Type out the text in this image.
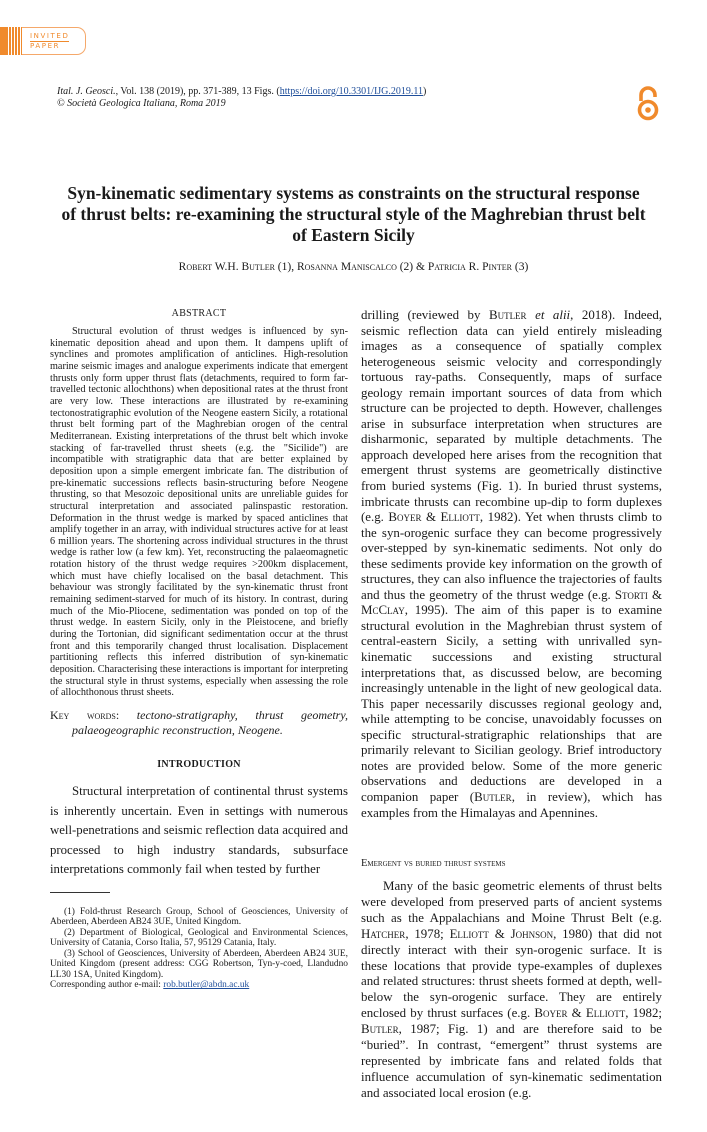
INVITED
PAPER
Ital. J. Geosci., Vol. 138 (2019), pp. 371-389, 13 Figs. (https://doi.org/10.3301/IJG.2019.11)
© Società Geologica Italiana, Roma 2019
Syn-kinematic sedimentary systems as constraints on the structural response of thrust belts: re-examining the structural style of the Maghrebian thrust belt of Eastern Sicily
Robert W.H. Butler (1), Rosanna Maniscalco (2) & Patricia R. Pinter (3)
ABSTRACT

Structural evolution of thrust wedges is influenced by syn-kinematic deposition ahead and upon them. It dampens uplift of synclines and promotes amplification of anticlines. High-resolution marine seismic images and analogue experiments indicate that emergent thrusts only form upper thrust flats (detachments, required to form far-travelled tectonic allochthons) when depositional rates at the thrust front are very low. These interactions are illustrated by re-examining tectonostratigraphic evolution of the Neogene eastern Sicily, a rotational thrust belt forming part of the Maghrebian orogen of the central Mediterranean. Existing interpretations of the thrust belt which invoke stacking of far-travelled thrust sheets (e.g. the "Sicilide") are incompatible with stratigraphic data that are better explained by deposition upon a simple emergent imbricate fan. The distribution of pre-kinematic successions reflects basin-structuring before Neogene thrusting, so that Mesozoic depositional units are unreliable guides for structural interpretation and associated palinspastic restoration. Deformation in the thrust wedge is marked by spaced anticlines that amplify together in an array, with individual structures active for at least 6 million years. The shortening across individual structures in the thrust wedge is rather low (a few km). Yet, reconstructing the palaeomagnetic rotation history of the thrust wedge requires >200km displacement, which must have chiefly localised on the basal detachment. This behaviour was strongly facilitated by the syn-kinematic thrust front remaining sediment-starved for much of its history. In contrast, during much of the Mio-Pliocene, sedimentation was ponded on top of the thrust wedge. In eastern Sicily, only in the Pleistocene, and briefly during the Tortonian, did significant sedimentation occur at the thrust front and this temporarily changed thrust localisation. Displacement partitioning reflects this inferred distribution of syn-kinematic deposition. Characterising these interactions is important for interpreting the structural style in thrust systems, especially when assessing the role of allochthonous thrust sheets.

Key words: tectono-stratigraphy, thrust geometry, palaeogeographic reconstruction, Neogene.

INTRODUCTION

Structural interpretation of continental thrust systems is inherently uncertain. Even in settings with numerous well-penetrations and seismic reflection data acquired and processed to high industry standards, subsurface interpretations commonly fail when tested by further

(1) Fold-thrust Research Group, School of Geosciences, University of Aberdeen, Aberdeen AB24 3UE, United Kingdom.

(2) Department of Biological, Geological and Environmental Sciences, University of Catania, Corso Italia, 57, 95129 Catania, Italy.

(3) School of Geosciences, University of Aberdeen, Aberdeen AB24 3UE, United Kingdom (present address: CGG Robertson, Tyn-y-coed, Llandudno LL30 1SA, United Kingdom).

Corresponding author e-mail: rob.butler@abdn.ac.uk

drilling (reviewed by Butler et alii, 2018). Indeed, seismic reflection data can yield entirely misleading images as a consequence of spatially complex heterogeneous seismic velocity and correspondingly tortuous ray-paths. Consequently, maps of surface geology remain important sources of data from which structure can be projected to depth. However, challenges arise in subsurface interpretation when structures are disharmonic, separated by multiple detachments. The approach developed here arises from the recognition that emergent thrust systems are geometrically distinctive from buried systems (Fig. 1). In buried thrust systems, imbricate thrusts can recombine up-dip to form duplexes (e.g. Boyer & Elliott, 1982). Yet when thrusts climb to the syn-orogenic surface they can become progressively over-stepped by syn-kinematic sediments. Not only do these sediments provide key information on the growth of structures, they can also influence the trajectories of faults and thus the geometry of the thrust wedge (e.g. Storti & McClay, 1995). The aim of this paper is to examine structural evolution in the Maghrebian thrust system of central-eastern Sicily, a setting with unrivalled syn-kinematic successions and existing structural interpretations that, as discussed below, are becoming increasingly untenable in the light of new geological data. This paper necessarily discusses regional geology and, while attempting to be concise, unavoidably focusses on specific structural-stratigraphic relationships that are primarily relevant to Sicilian geology. Brief introductory notes are provided below. Some of the more generic observations and deductions are developed in a companion paper (Butler, in review), which has examples from the Himalayas and Apennines.

Emergent vs buried thrust systems

Many of the basic geometric elements of thrust belts were developed from preserved parts of ancient systems such as the Appalachians and Moine Thrust Belt (e.g. Hatcher, 1978; Elliott & Johnson, 1980) that did not directly interact with their syn-orogenic surface. It is these locations that provide type-examples of duplexes and related structures: thrust sheets formed at depth, well-below the syn-orogenic surface. They are entirely enclosed by thrust surfaces (e.g. Boyer & Elliott, 1982; Butler, 1987; Fig. 1) and are therefore said to be “buried”. In contrast, “emergent” thrust systems are represented by imbricate fans and related folds that influence accumulation of syn-kinematic sedimentation and associated local erosion (e.g.
